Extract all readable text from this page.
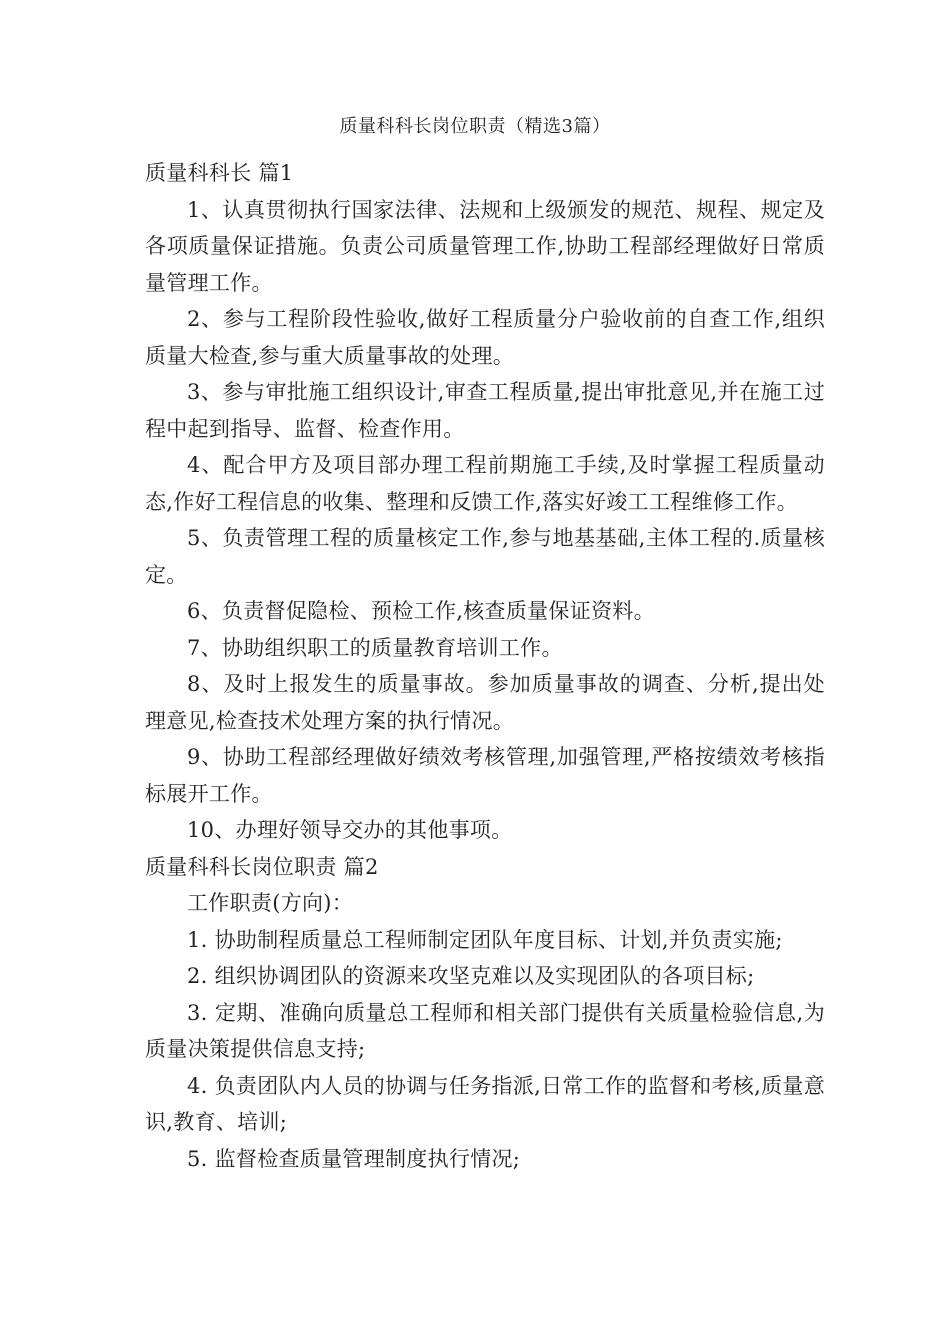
质量科科长岗位职责（精选3篇）

质量科科长 篇1

1、认真贯彻执行国家法律、法规和上级颁发的规范、规程、规定及各项质量保证措施。负责公司质量管理工作,协助工程部经理做好日常质量管理工作。

2、参与工程阶段性验收,做好工程质量分户验收前的自查工作,组织质量大检查,参与重大质量事故的处理。

3、参与审批施工组织设计,审查工程质量,提出审批意见,并在施工过程中起到指导、监督、检查作用。

4、配合甲方及项目部办理工程前期施工手续,及时掌握工程质量动态,作好工程信息的收集、整理和反馈工作,落实好竣工工程维修工作。

5、负责管理工程的质量核定工作,参与地基基础,主体工程的.质量核定。

6、负责督促隐检、预检工作,核查质量保证资料。

7、协助组织职工的质量教育培训工作。

8、及时上报发生的质量事故。参加质量事故的调查、分析,提出处理意见,检查技术处理方案的执行情况。

9、协助工程部经理做好绩效考核管理,加强管理,严格按绩效考核指标展开工作。

10、办理好领导交办的其他事项。

质量科科长岗位职责 篇2

工作职责(方向)：

1. 协助制程质量总工程师制定团队年度目标、计划,并负责实施;

2. 组织协调团队的资源来攻坚克难以及实现团队的各项目标;

3. 定期、准确向质量总工程师和相关部门提供有关质量检验信息,为质量决策提供信息支持;

4. 负责团队内人员的协调与任务指派,日常工作的监督和考核,质量意识,教育、培训;

5. 监督检查质量管理制度执行情况;
